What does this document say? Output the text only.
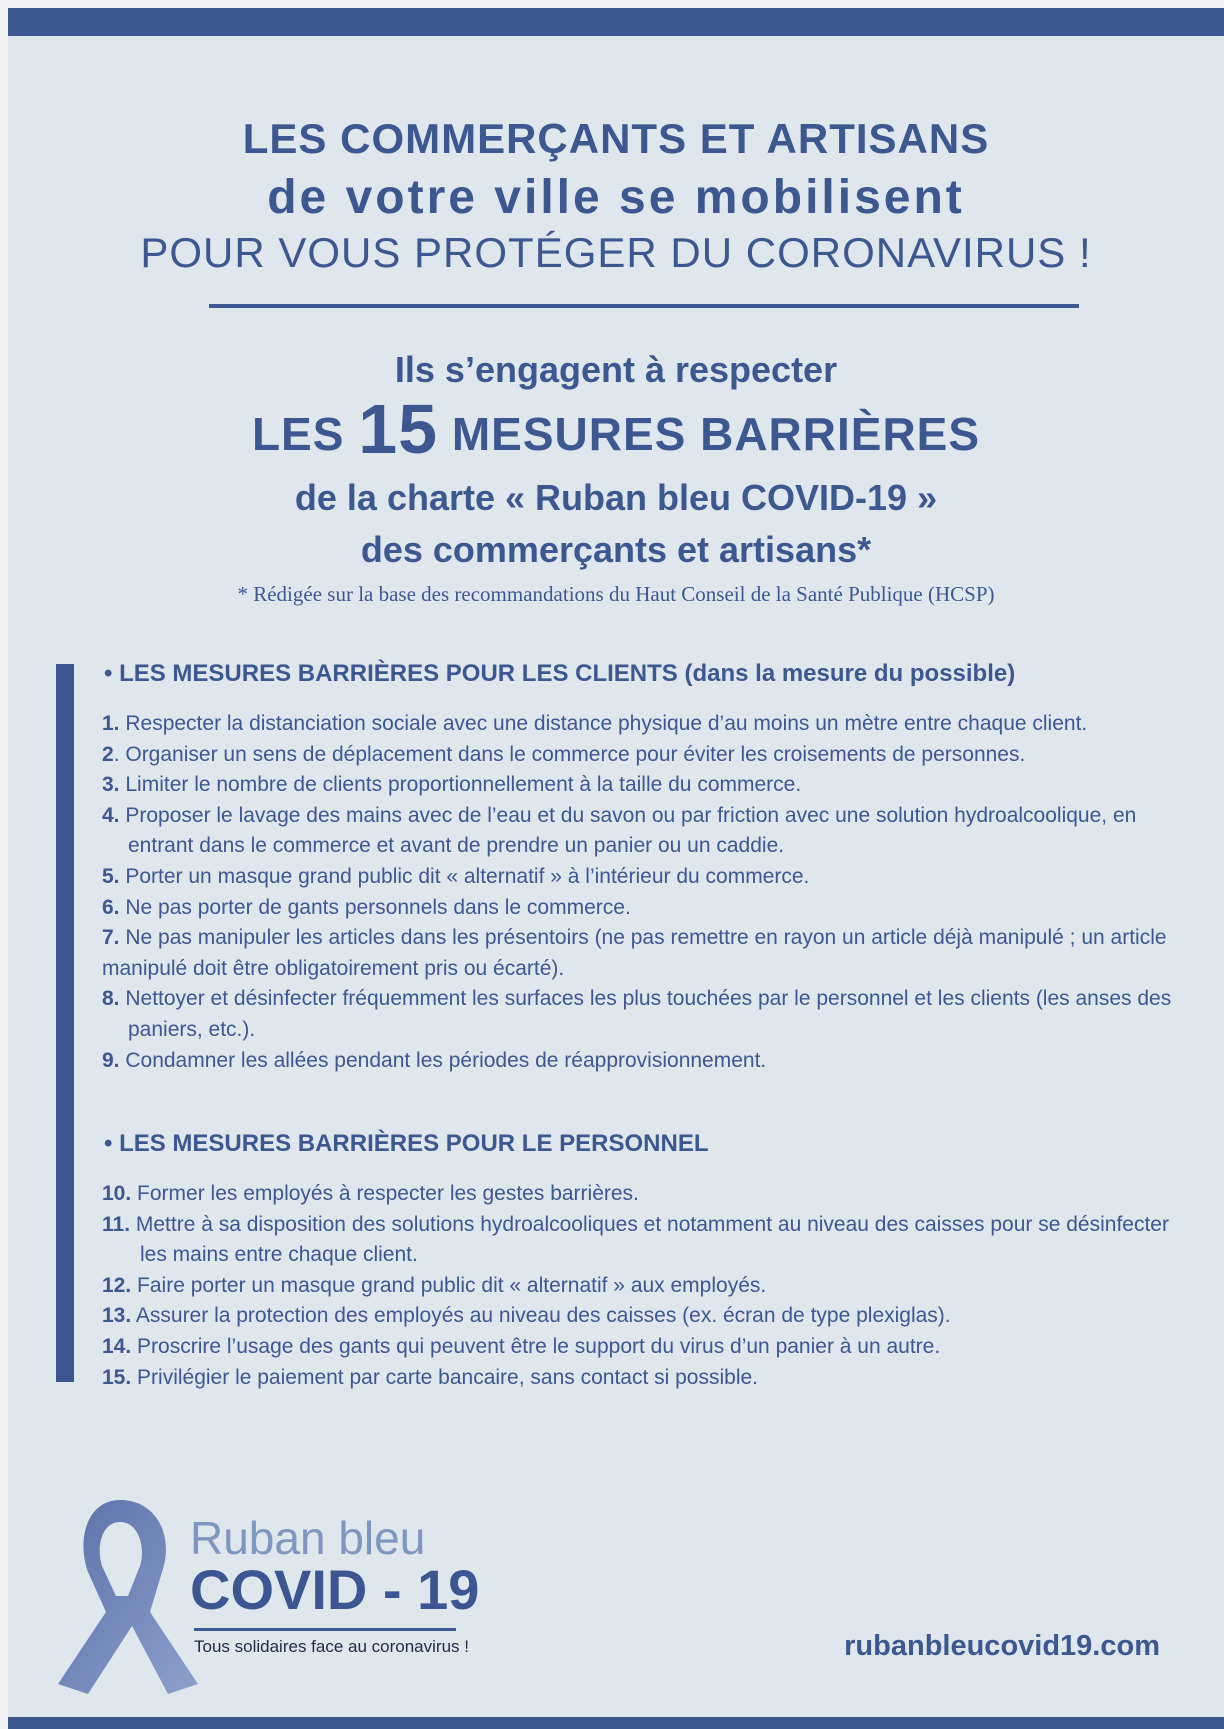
LES COMMERÇANTS ET ARTISANS
de votre ville se mobilisent
POUR VOUS PROTÉGER DU CORONAVIRUS !
Ils s’engagent à respecter
LES 15 MESURES BARRIÈRES
de la charte « Ruban bleu COVID-19 »
des commerçants et artisans*
* Rédigée sur la base des recommandations du Haut Conseil de la Santé Publique (HCSP)
• LES MESURES BARRIÈRES POUR LES CLIENTS (dans la mesure du possible)

1. Respecter la distanciation sociale avec une distance physique d’au moins un mètre entre chaque client.

2. Organiser un sens de déplacement dans le commerce pour éviter les croisements de personnes.

3. Limiter le nombre de clients proportionnellement à la taille du commerce.

4. Proposer le lavage des mains avec de l’eau et du savon ou par friction avec une solution hydroalcoolique, en entrant dans le commerce et avant de prendre un panier ou un caddie.

5. Porter un masque grand public dit « alternatif » à l’intérieur du commerce.

6. Ne pas porter de gants personnels dans le commerce.

7. Ne pas manipuler les articles dans les présentoirs (ne pas remettre en rayon un article déjà manipulé ; un article manipulé doit être obligatoirement pris ou écarté).

8. Nettoyer et désinfecter fréquemment les surfaces les plus touchées par le personnel et les clients (les anses des paniers, etc.).

9. Condamner les allées pendant les périodes de réapprovisionnement.

• LES MESURES BARRIÈRES POUR LE PERSONNEL

10. Former les employés à respecter les gestes barrières.

11. Mettre à sa disposition des solutions hydroalcooliques et notamment au niveau des caisses pour se désinfecter les mains entre chaque client.

12. Faire porter un masque grand public dit « alternatif » aux employés.

13. Assurer la protection des employés au niveau des caisses (ex. écran de type plexiglas).

14. Proscrire l’usage des gants qui peuvent être le support du virus d’un panier à un autre.

15. Privilégier le paiement par carte bancaire, sans contact si possible.

Ruban bleu
COVID - 19
Tous solidaires face au coronavirus !	rubanbleucovid19.com
